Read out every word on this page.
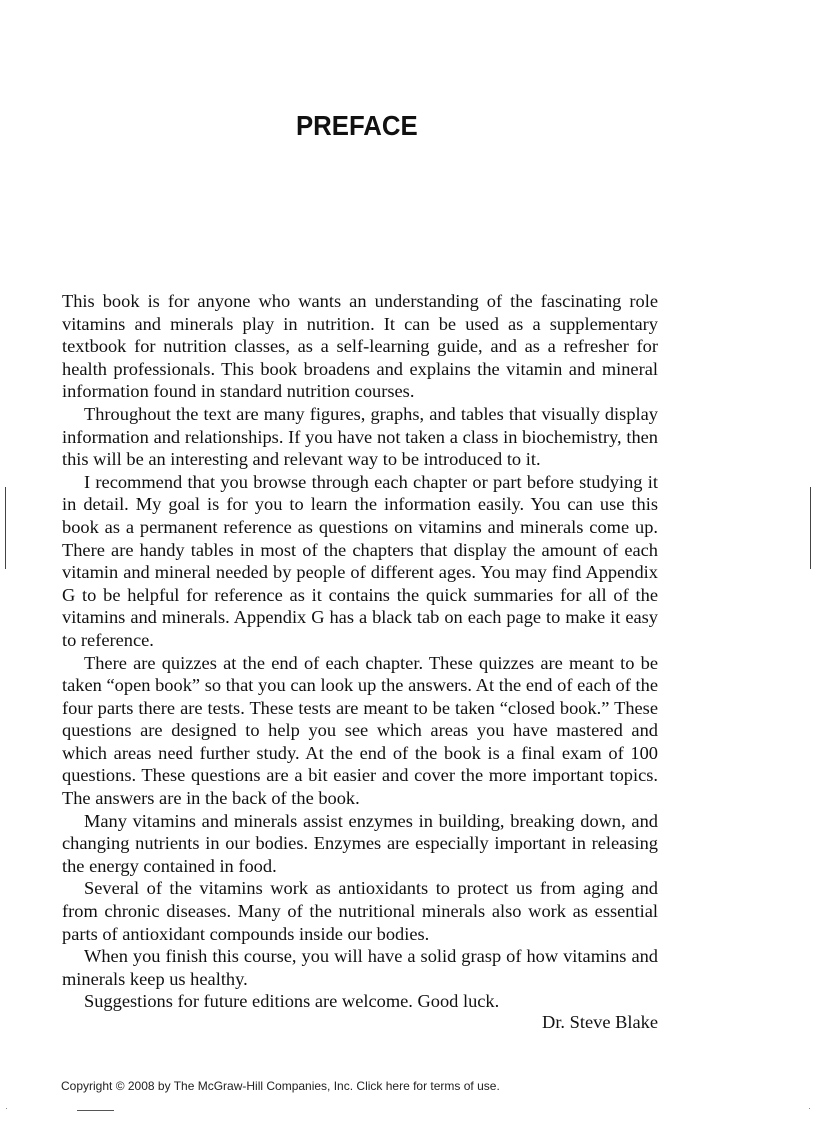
PREFACE

This book is for anyone who wants an understanding of the fascinating role vitamins and minerals play in nutrition. It can be used as a supplementary textbook for nutrition classes, as a self-learning guide, and as a refresher for health professionals. This book broadens and explains the vitamin and mineral information found in standard nutrition courses.

Throughout the text are many figures, graphs, and tables that visually display information and relationships. If you have not taken a class in biochemistry, then this will be an interesting and relevant way to be introduced to it.

I recommend that you browse through each chapter or part before studying it in detail. My goal is for you to learn the information easily. You can use this book as a permanent reference as questions on vitamins and minerals come up. There are handy tables in most of the chapters that display the amount of each vitamin and mineral needed by people of different ages. You may find Appendix G to be helpful for reference as it contains the quick summaries for all of the vitamins and minerals. Appendix G has a black tab on each page to make it easy to reference.

There are quizzes at the end of each chapter. These quizzes are meant to be taken “open book” so that you can look up the answers. At the end of each of the four parts there are tests. These tests are meant to be taken “closed book.” These questions are designed to help you see which areas you have mastered and which areas need further study. At the end of the book is a final exam of 100 questions. These questions are a bit easier and cover the more important topics. The answers are in the back of the book.

Many vitamins and minerals assist enzymes in building, breaking down, and changing nutrients in our bodies. Enzymes are especially important in releasing the energy contained in food.

Several of the vitamins work as antioxidants to protect us from aging and from chronic diseases. Many of the nutritional minerals also work as essential parts of antioxidant compounds inside our bodies.

When you finish this course, you will have a solid grasp of how vitamins and minerals keep us healthy.

Suggestions for future editions are welcome. Good luck.

Dr. Steve Blake

Copyright © 2008 by The McGraw-Hill Companies, Inc. Click here for terms of use.
